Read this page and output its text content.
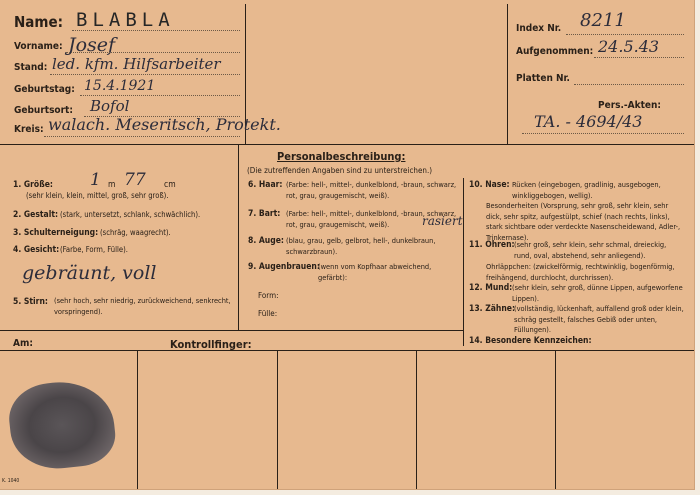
Name: BLABLA
Vorname: Josef
Stand: led. kfm. Hilfsarbeiter
Geburtstag: 15.4.1921
Geburtsort: Bofol
Kreis: walach. Meseritsch, Protekt.
Index Nr. 8211
Aufgenommen: 24.5.43
Platten Nr.
Pers.-Akten:
TA. - 4694/43
Personalbeschreibung:
(Die zutreffenden Angaben sind zu unterstreichen.)
1. Größe: 1 m 77 cm
(sehr klein, klein, mittel, groß, sehr groß).
2. Gestalt: (stark, untersetzt, schlank, schwächlich).
3. Schulterneigung: (schräg, waagrecht).
4. Gesicht: (Farbe, Form, Fülle).
gebräunt, voll
5. Stirn: (sehr hoch, sehr niedrig, zurückweichend, senkrecht, vorspringend).
6. Haar: (Farbe: hell-, mittel-, dunkelblond, -braun, schwarz, rot, grau, graugemischt, weiß).
7. Bart: (Farbe: hell-, mittel-, dunkelblond, -braun, schwarz, rot, grau, graugemischt, weiß).	rasiert
8. Auge: (blau, grau, gelb, gelbrot, hell-, dunkelbraun, schwarzbraun).
9. Augenbrauen:
(wenn vom Kopfhaar abweichend, gefärbt):
Form:
Fülle:
10. Nase: Rücken (eingebogen, gradlinig, ausgebogen, winkliggebogen, wellig).
Besonderheiten (Vorsprung, sehr groß, sehr klein, sehr dick, sehr spitz, aufgestülpt, schief (nach rechts, links), stark sichtbare oder verdeckte Nasenscheidewand, Adler-, Trinkernase).
11. Ohren: (sehr groß, sehr klein, sehr schmal, dreieckig, rund, oval, abstehend, sehr anliegend).
Ohrläppchen: (zwickelförmig, rechtwinklig, bogenförmig, freihängend, durchlocht, durchrissen).
12. Mund: (sehr klein, sehr groß, dünne Lippen, aufgeworfene Lippen).
13. Zähne:
(vollständig, lückenhaft, auffallend groß oder klein, schräg gestellt, falsches Gebiß oder unten, Füllungen).
14. Besondere Kennzeichen:
Am:	Kontrollfinger:
K. 1040
